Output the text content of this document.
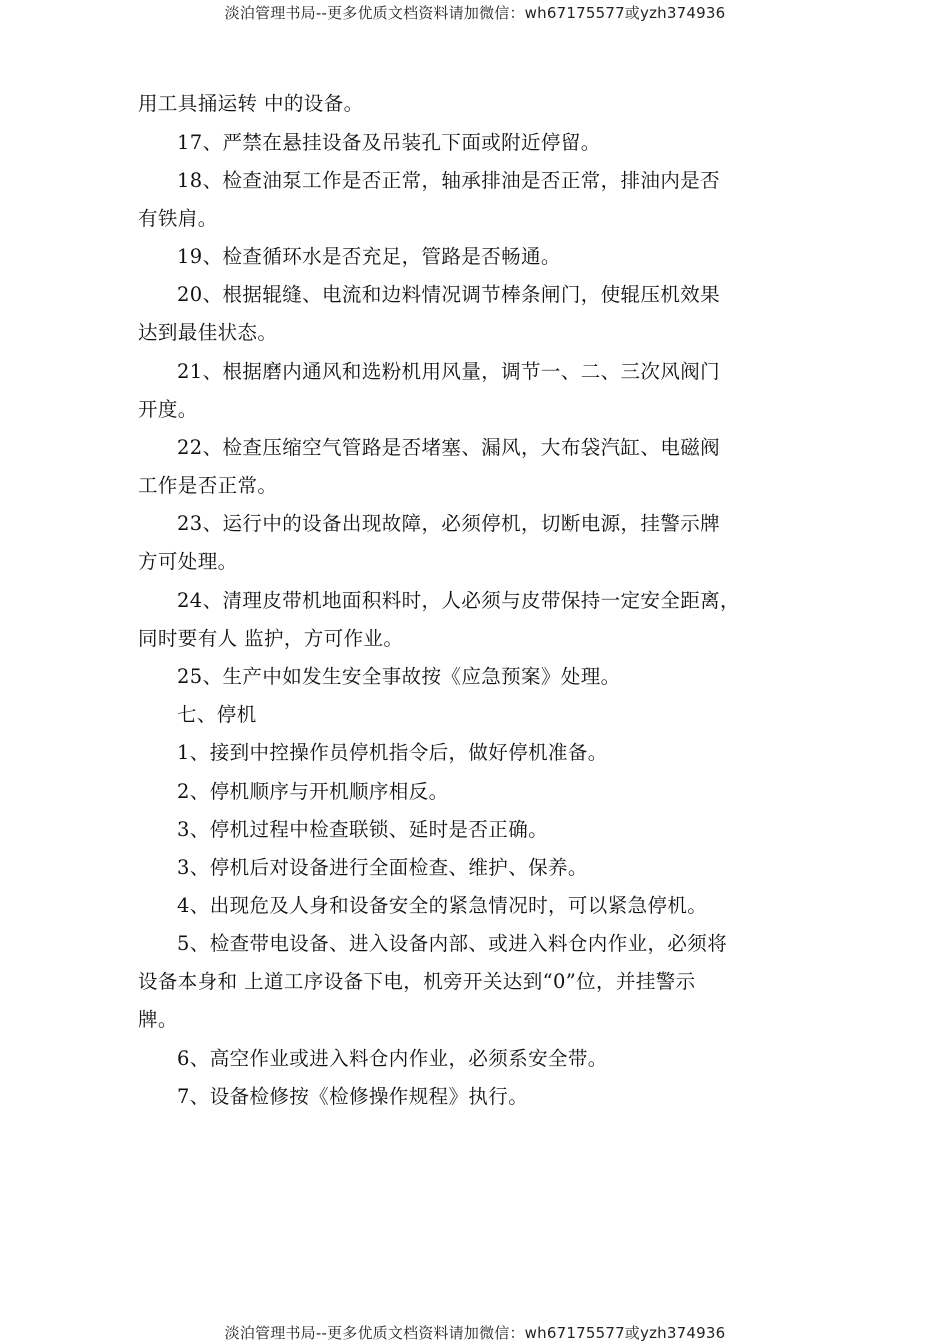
淡泊管理书局--更多优质文档资料请加微信：wh67175577或yzh374936
用工具捅运转 中的设备。
17、严禁在悬挂设备及吊装孔下面或附近停留。
18、检查油泵工作是否正常，轴承排油是否正常，排油内是否
有铁肩。
19、检查循环水是否充足，管路是否畅通。
20、根据辊缝、电流和边料情况调节棒条闸门，使辊压机效果
达到最佳状态。
21、根据磨内通风和选粉机用风量，调节一、二、三次风阀门
开度。
22、检查压缩空气管路是否堵塞、漏风，大布袋汽缸、电磁阀
工作是否正常。
23、运行中的设备出现故障，必须停机，切断电源，挂警示牌
方可处理。
24、清理皮带机地面积料时，人必须与皮带保持一定安全距离，
同时要有人 监护，方可作业。
25、生产中如发生安全事故按《应急预案》处理。
七、停机
1、接到中控操作员停机指令后，做好停机准备。
2、停机顺序与开机顺序相反。
3、停机过程中检查联锁、延时是否正确。
3、停机后对设备进行全面检查、维护、保养。
4、出现危及人身和设备安全的紧急情况时，可以紧急停机。
5、检查带电设备、进入设备内部、或进入料仓内作业，必须将
设备本身和 上道工序设备下电，机旁开关达到“0”位，并挂警示
牌。
6、高空作业或进入料仓内作业，必须系安全带。
7、设备检修按《检修操作规程》执行。
淡泊管理书局--更多优质文档资料请加微信：wh67175577或yzh374936
